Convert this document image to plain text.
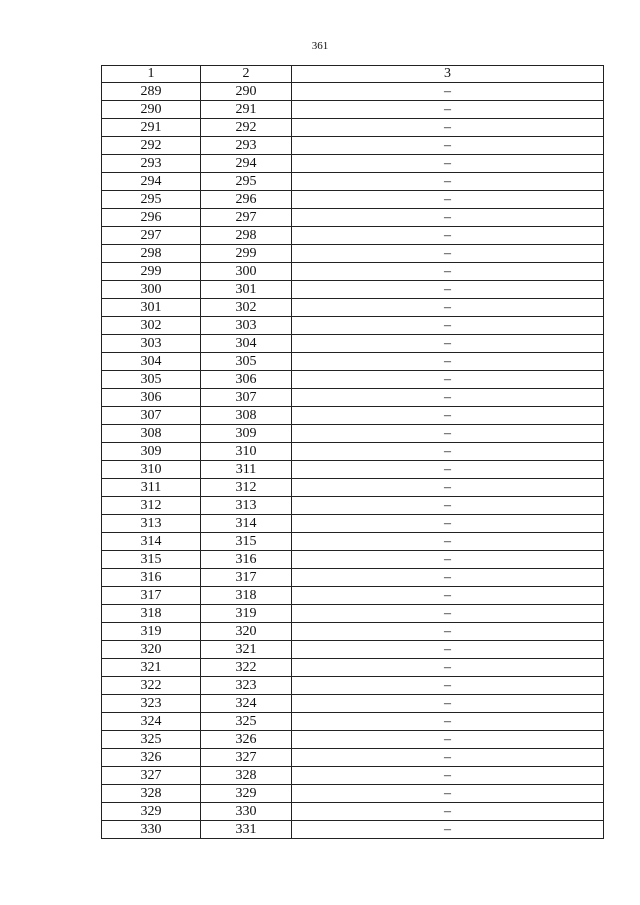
361
1	2	3
289	290	–
290	291	–
291	292	–
292	293	–
293	294	–
294	295	–
295	296	–
296	297	–
297	298	–
298	299	–
299	300	–
300	301	–
301	302	–
302	303	–
303	304	–
304	305	–
305	306	–
306	307	–
307	308	–
308	309	–
309	310	–
310	311	–
311	312	–
312	313	–
313	314	–
314	315	–
315	316	–
316	317	–
317	318	–
318	319	–
319	320	–
320	321	–
321	322	–
322	323	–
323	324	–
324	325	–
325	326	–
326	327	–
327	328	–
328	329	–
329	330	–
330	331	–
